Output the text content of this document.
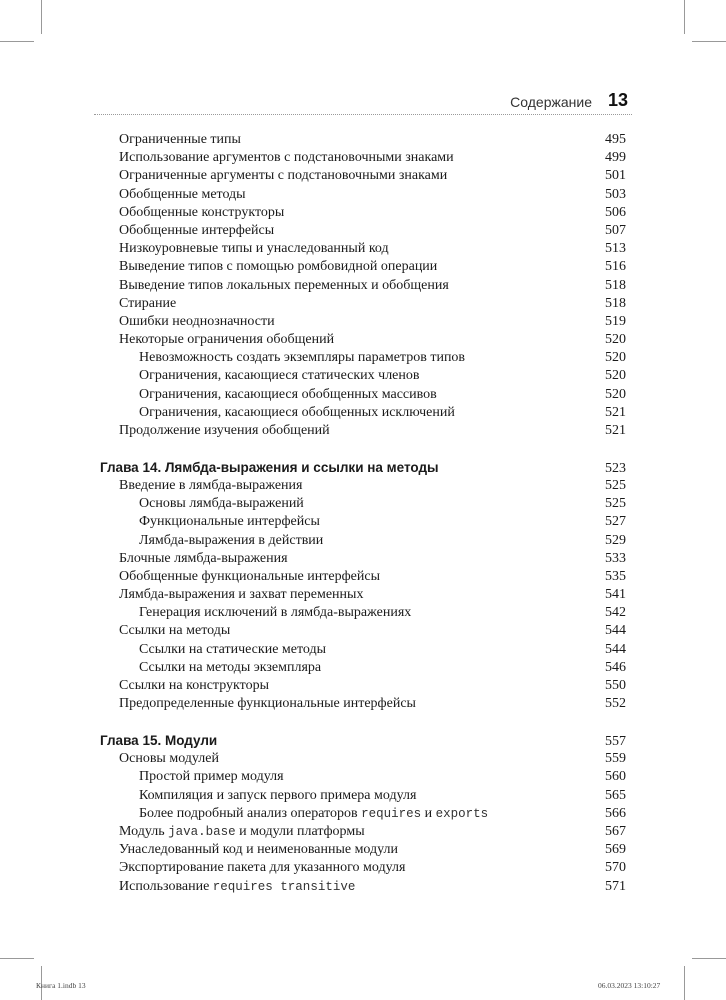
Содержание 13
Ограниченные типы	495
Использование аргументов с подстановочными знаками	499
Ограниченные аргументы с подстановочными знаками	501
Обобщенные методы	503
Обобщенные конструкторы	506
Обобщенные интерфейсы	507
Низкоуровневые типы и унаследованный код	513
Выведение типов с помощью ромбовидной операции	516
Выведение типов локальных переменных и обобщения	518
Стирание	518
Ошибки неоднозначности	519
Некоторые ограничения обобщений	520
Невозможность создать экземпляры параметров типов	520
Ограничения, касающиеся статических членов	520
Ограничения, касающиеся обобщенных массивов	520
Ограничения, касающиеся обобщенных исключений	521
Продолжение изучения обобщений	521
Глава 14. Лямбда-выражения и ссылки на методы	523
Введение в лямбда-выражения	525
Основы лямбда-выражений	525
Функциональные интерфейсы	527
Лямбда-выражения в действии	529
Блочные лямбда-выражения	533
Обобщенные функциональные интерфейсы	535
Лямбда-выражения и захват переменных	541
Генерация исключений в лямбда-выражениях	542
Ссылки на методы	544
Ссылки на статические методы	544
Ссылки на методы экземпляра	546
Ссылки на конструкторы	550
Предопределенные функциональные интерфейсы	552
Глава 15. Модули	557
Основы модулей	559
Простой пример модуля	560
Компиляция и запуск первого примера модуля	565
Более подробный анализ операторов requires и exports	566
Модуль java.base и модули платформы	567
Унаследованный код и неименованные модули	569
Экспортирование пакета для указанного модуля	570
Использование requires transitive	571
Книга 1.indb 13	06.03.2023 13:10:27
